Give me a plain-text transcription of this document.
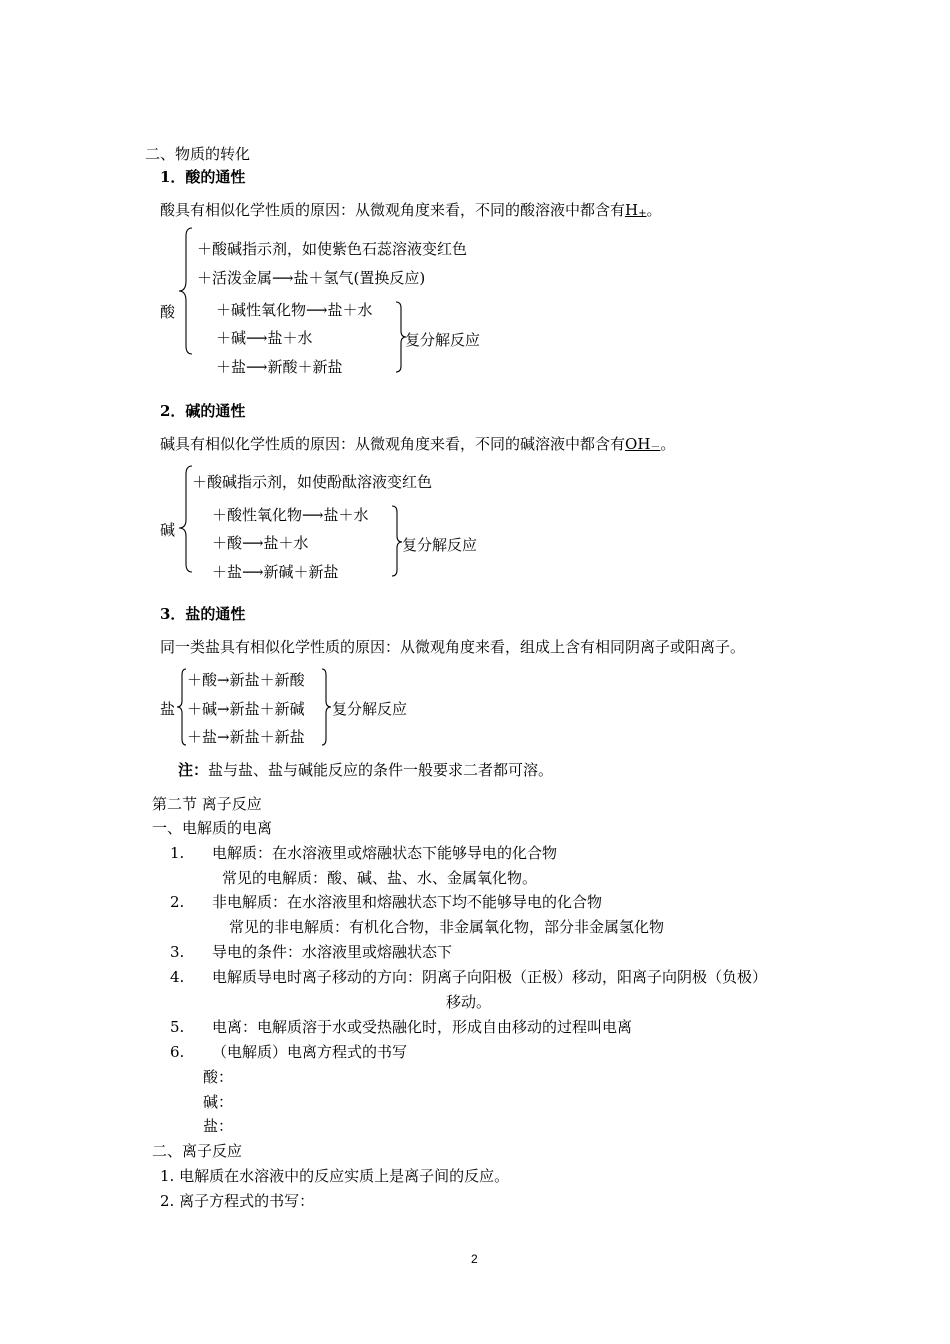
二、物质的转化
1．酸的通性
酸具有相似化学性质的原因：从微观角度来看，不同的酸溶液中都含有H+。
酸
＋酸碱指示剂，如使紫色石蕊溶液变红色
＋活泼金属⟶盐＋氢气(置换反应)
＋碱性氧化物⟶盐＋水
＋碱⟶盐＋水
＋盐⟶新酸＋新盐
复分解反应
2．碱的通性
碱具有相似化学性质的原因：从微观角度来看，不同的碱溶液中都含有OH－。
碱
＋酸碱指示剂，如使酚酞溶液变红色
＋酸性氧化物⟶盐＋水
＋酸⟶盐＋水
＋盐⟶新碱＋新盐
复分解反应
3．盐的通性
同一类盐具有相似化学性质的原因：从微观角度来看，组成上含有相同阴离子或阳离子。
盐
＋酸→新盐＋新酸
＋碱→新盐＋新碱
＋盐→新盐＋新盐
复分解反应
注：盐与盐、盐与碱能反应的条件一般要求二者都可溶。
第二节 离子反应
一、电解质的电离
1. 电解质：在水溶液里或熔融状态下能够导电的化合物
常见的电解质：酸、碱、盐、水、金属氧化物。
2. 非电解质：在水溶液里和熔融状态下均不能够导电的化合物
常见的非电解质：有机化合物，非金属氧化物，部分非金属氢化物
3. 导电的条件：水溶液里或熔融状态下
4. 电解质导电时离子移动的方向：阴离子向阳极（正极）移动，阳离子向阴极（负极）
移动。
5. 电离：电解质溶于水或受热融化时，形成自由移动的过程叫电离
6. （电解质）电离方程式的书写
酸：
碱：
盐：
二、离子反应
1. 电解质在水溶液中的反应实质上是离子间的反应。
2. 离子方程式的书写：
2
